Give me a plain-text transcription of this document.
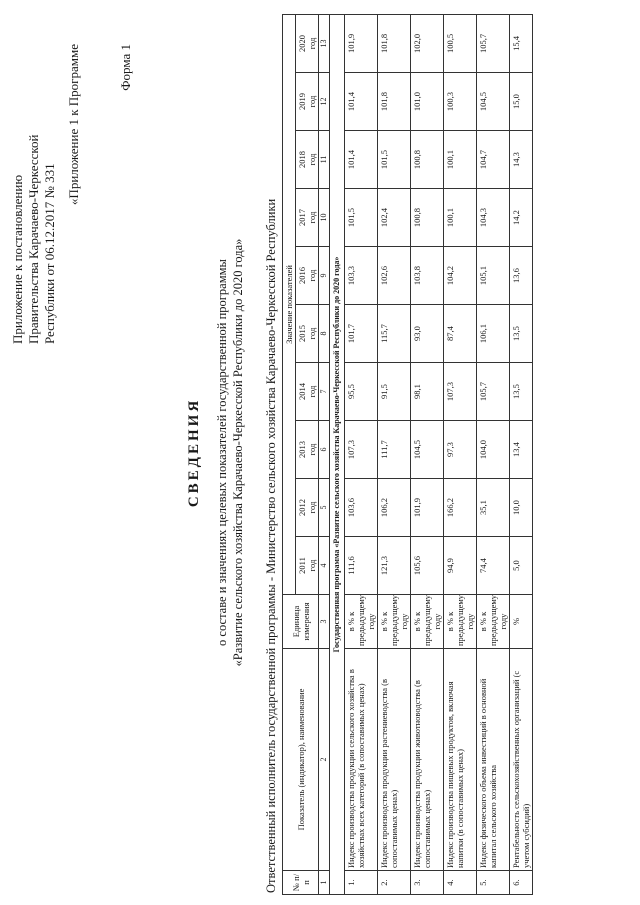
Приложение к постановлению Правительства Карачаево-Черкесской Республики от 06.12.2017 № 331
«Приложение 1 к Программе	Форма 1
СВЕДЕНИЯ о составе и значениях целевых показателей государственной программы «Развитие сельского хозяйства Карачаево-Черкесской Республики до 2020 года» Ответственный исполнитель государственной программы - Министерство сельского хозяйства Карачаево-Черкесской Республики № п/п	Показатель (индикатор), наименование	Единица измерения	Значение показателей									

			2011 год	2012 год	2013 год	2014 год	2015 год	2016 год	2017 год	2018 год	2019 год	2020 год

1	2	3	4	5	6	7	8	9	10	11	12	13
Государственная программа «Развитие сельского хозяйства Карачаево-Черкесской Республики до 2020 года»												
1.	Индекс производства продукции сельского хозяйства в хозяйствах всех категорий (в сопоставимых ценах)	в % к предыдущему году	111,6	103,6	107,3	95,5	101,7	103,3	101,5	101,4	101,4	101,9
2.	Индекс производства продукции растениеводства (в сопоставимых ценах)	в % к предыдущему году	121,3	106,2	111,7	91,5	115,7	102,6	102,4	101,5	101,8	101,8
3.	Индекс производства продукции животноводства (в сопоставимых ценах)	в % к предыдущему году	105,6	101,9	104,5	98,1	93,0	103,8	100,8	100,8	101,0	102,0
4.	Индекс производства пищевых продуктов, включая напитки (в сопоставимых ценах)	в % к предыдущему году	94,9	166,2	97,3	107,3	87,4	104,2	100,1	100,1	100,3	100,5
5.	Индекс физического объема инвестиций в основной капитал сельского хозяйства	в % к предыдущему году	74,4	35,1	104,0	105,7	106,1	105,1	104,3	104,7	104,5	105,7
6.	Рентабельность сельскохозяйственных организаций (с учетом субсидий)	%	5,0	10,0	13,4	13,5	13,5	13,6	14,2	14,3	15,0	15,4
